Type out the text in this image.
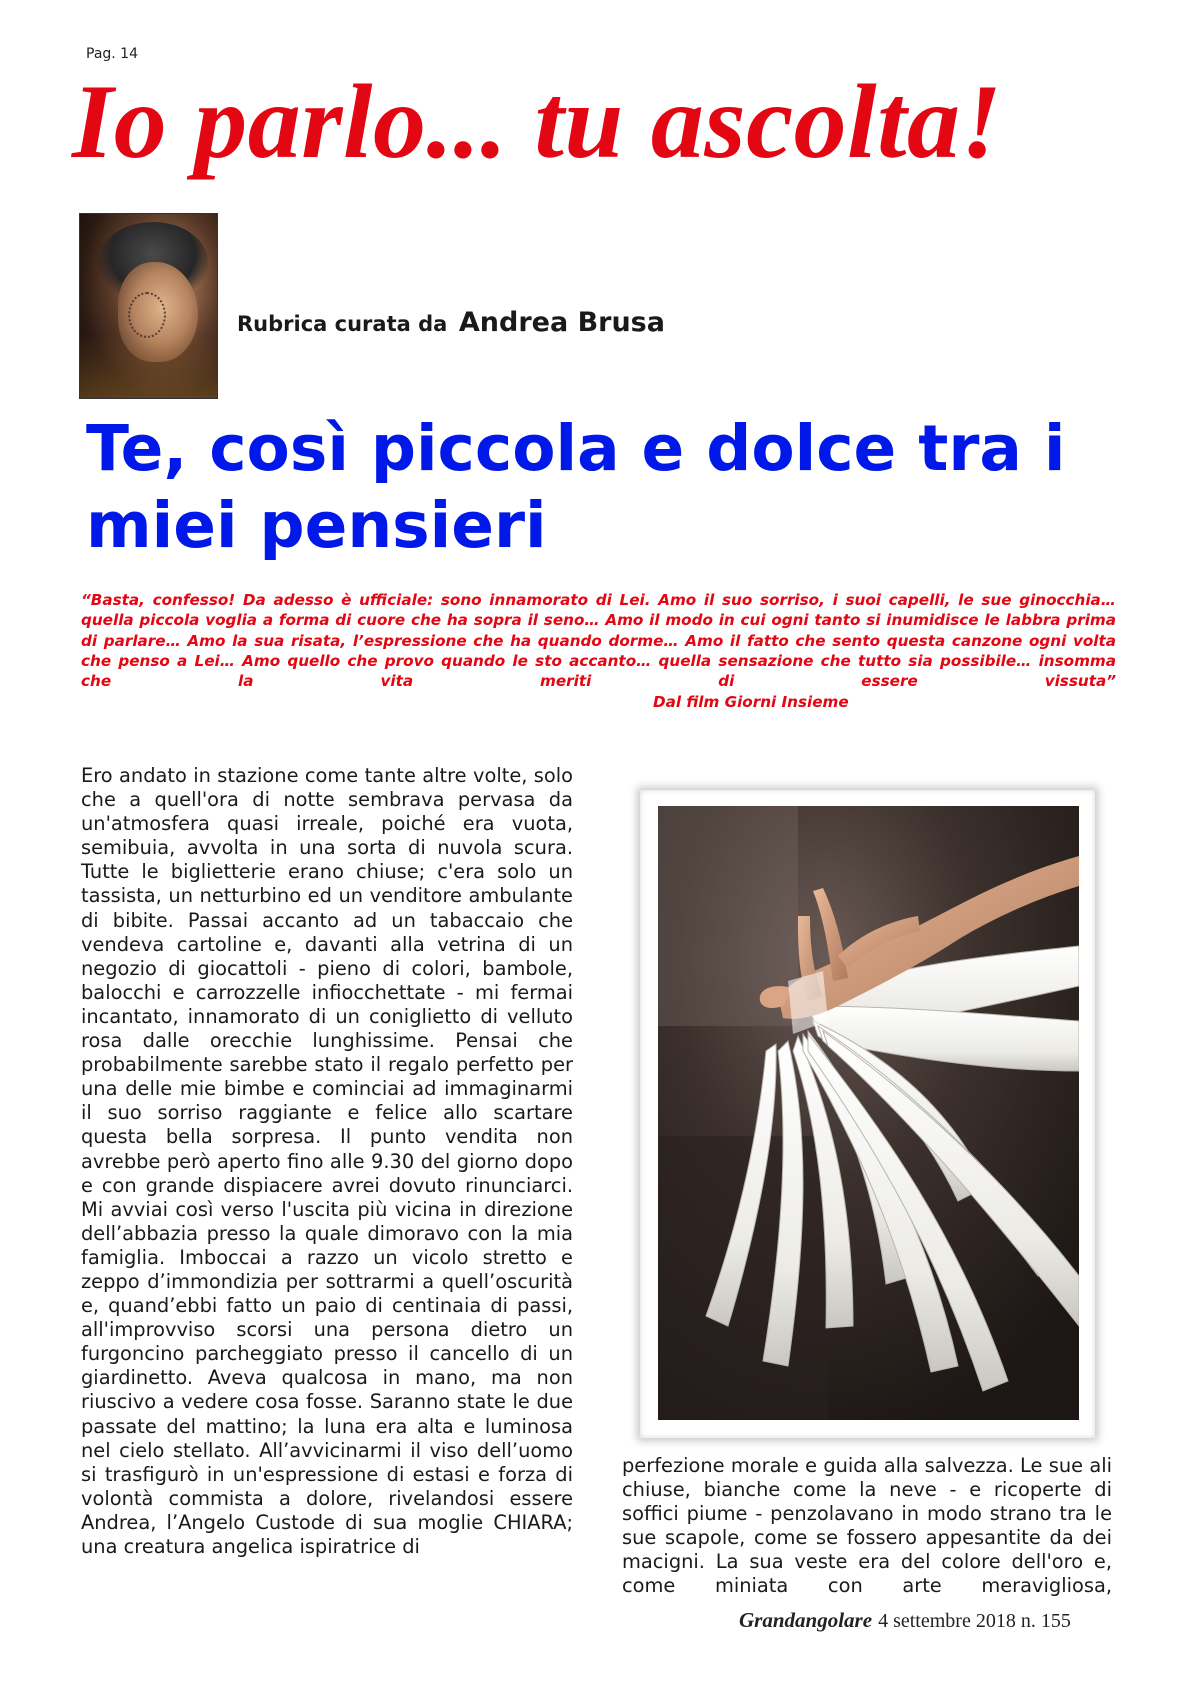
Pag. 14
Io parlo... tu ascolta!
Rubrica curata da Andrea Brusa
Te, così piccola e dolce tra i miei pensieri

“Basta, confesso! Da adesso è ufficiale: sono innamorato di Lei. Amo il suo sorriso, i suoi capelli, le sue ginocchia… quella piccola voglia a forma di cuore che ha sopra il seno… Amo il modo in cui ogni tanto si inumidisce le labbra prima di parlare… Amo la sua risata, l’espressione che ha quando dorme… Amo il fatto che sento questa canzone ogni volta che penso a Lei… Amo quello che provo quando le sto accanto… quella sensazione che tutto sia possibile… insomma che la vita meriti di essere vissuta”

Dal film Giorni Insieme

Ero andato in stazione come tante altre volte, solo che a quell'ora di notte sembrava pervasa da un'atmosfera quasi irreale, poiché era vuota, semibuia, avvolta in una sorta di nuvola scura. Tutte le biglietterie erano chiuse; c'era solo un tassista, un netturbino ed un venditore ambulante di bibite. Passai accanto ad un tabaccaio che vendeva cartoline e, davanti alla vetrina di un negozio di giocattoli - pieno di colori, bambole, balocchi e carrozzelle infiocchettate - mi fermai incantato, innamorato di un coniglietto di velluto rosa dalle orecchie lunghissime. Pensai che probabilmente sarebbe stato il regalo perfetto per una delle mie bimbe e cominciai ad immaginarmi il suo sorriso raggiante e felice allo scartare questa bella sorpresa. Il punto vendita non avrebbe però aperto fino alle 9.30 del giorno dopo e con grande dispiacere avrei dovuto rinunciarci. Mi avviai così verso l'uscita più vicina in direzione dell’abbazia presso la quale dimoravo con la mia famiglia. Imboccai a razzo un vicolo stretto e zeppo d’immondizia per sottrarmi a quell’oscurità e, quand’ebbi fatto un paio di centinaia di passi, all'improvviso scorsi una persona dietro un furgoncino parcheggiato presso il cancello di un giardinetto. Aveva qualcosa in mano, ma non riuscivo a vedere cosa fosse. Saranno state le due passate del mattino; la luna era alta e luminosa nel cielo stellato. All’avvicinarmi il viso dell’uomo si trasfigurò in un'espressione di estasi e forza di volontà commista a dolore, rivelandosi essere Andrea, l’Angelo Custode di sua moglie CHIARA; una creatura angelica ispiratrice di

perfezione morale e guida alla salvezza. Le sue ali chiuse, bianche come la neve - e ricoperte di soffici piume - penzolavano in modo strano tra le sue scapole, come se fossero appesantite da dei macigni. La sua veste era del colore dell'oro e, come miniata con arte meravigliosa,

Grandangolare 4 settembre 2018 n. 155
